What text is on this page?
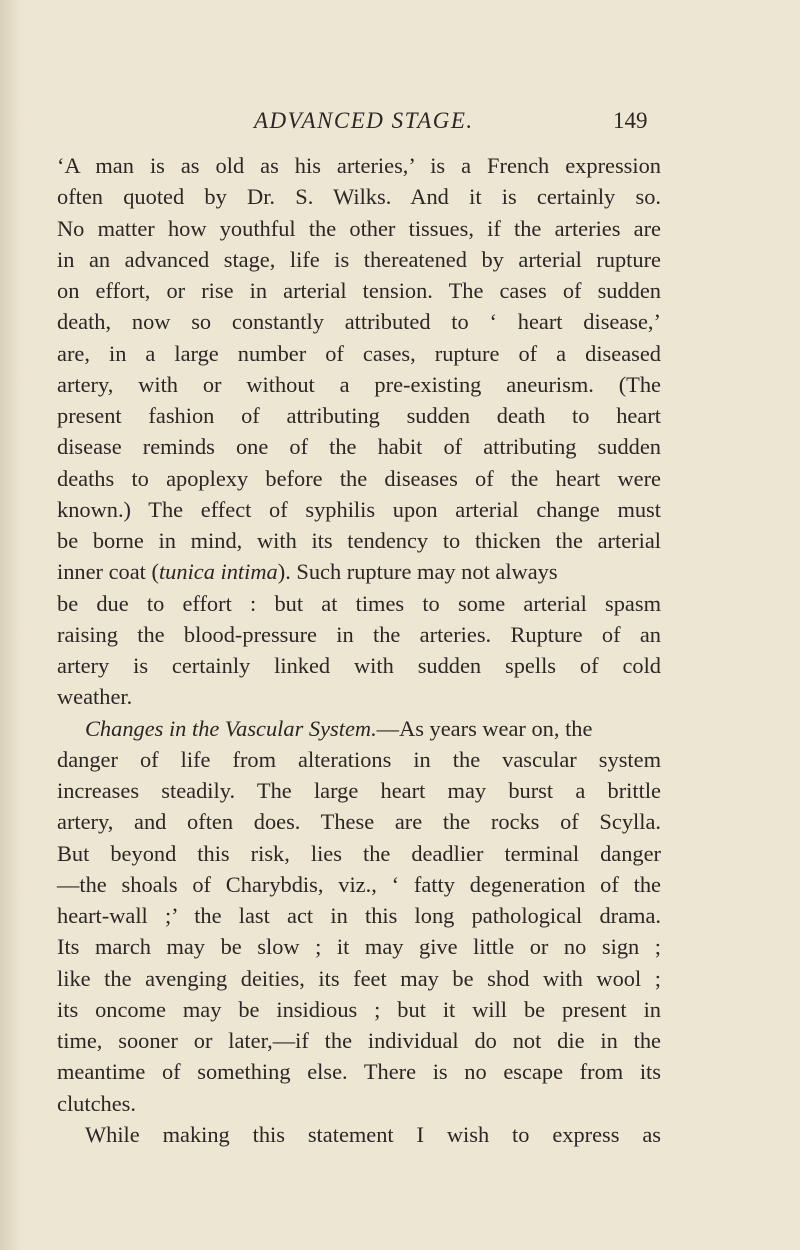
ADVANCED STAGE.	149
‘A man is as old as his arteries,’ is a French expression
often quoted by Dr. S. Wilks. And it is certainly so.
No matter how youthful the other tissues, if the arteries are
in an advanced stage, life is thereatened by arterial rupture
on effort, or rise in arterial tension. The cases of sudden
death, now so constantly attributed to ‘ heart disease,’
are, in a large number of cases, rupture of a diseased
artery, with or without a pre-existing aneurism. (The
present fashion of attributing sudden death to heart
disease reminds one of the habit of attributing sudden
deaths to apoplexy before the diseases of the heart were
known.) The effect of syphilis upon arterial change must
be borne in mind, with its tendency to thicken the arterial
inner coat (tunica intima). Such rupture may not always
be due to effort : but at times to some arterial spasm
raising the blood-pressure in the arteries. Rupture of an
artery is certainly linked with sudden spells of cold
weather.
Changes in the Vascular System.—As years wear on, the
danger of life from alterations in the vascular system
increases steadily. The large heart may burst a brittle
artery, and often does. These are the rocks of Scylla.
But beyond this risk, lies the deadlier terminal danger
—the shoals of Charybdis, viz., ‘ fatty degeneration of the
heart-wall ;’ the last act in this long pathological drama.
Its march may be slow ; it may give little or no sign ;
like the avenging deities, its feet may be shod with wool ;
its oncome may be insidious ; but it will be present in
time, sooner or later,—if the individual do not die in the
meantime of something else. There is no escape from its
clutches.
While making this statement I wish to express as
